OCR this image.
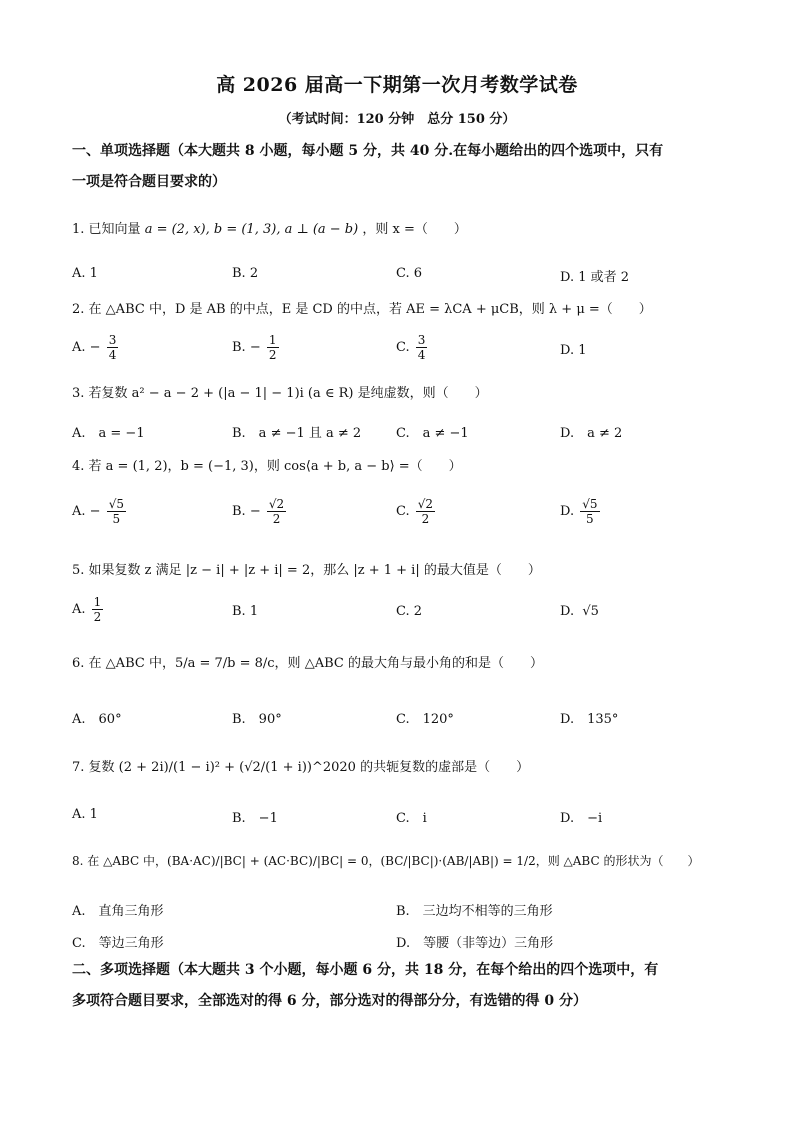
高 2026 届高一下期第一次月考数学试卷
（考试时间：120 分钟　总分 150 分）
一、单项选择题（本大题共 8 小题，每小题 5 分，共 40 分.在每小题给出的四个选项中，只有
一项是符合题目要求的）
1. 已知向量 a = (2, x), b = (1, 3), a ⊥ (a − b) ，则 x =（　　）
A. 1	B. 2	C. 6	D. 1 或者 2
2. 在 △ABC 中，D 是 AB 的中点，E 是 CD 的中点，若 AE = λCA + μCB，则 λ + μ =（　　）
A. − $\frac{3}{4}$	B. − $\frac{1}{2}$	C. $\frac{3}{4}$	D. 1
3. 若复数 a² − a − 2 + (|a − 1| − 1)i (a ∈ R) 是纯虚数，则（　　）
A.　a = −1	B.　a ≠ −1 且 a ≠ 2	C.　a ≠ −1	D.　a ≠ 2
4. 若 a = (1, 2)，b = (−1, 3)，则 cos⟨a + b, a − b⟩ =（　　）
A. − $\frac{√5}{5}$	B. − $\frac{√2}{2}$	C. $\frac{√2}{2}$	D. $\frac{√5}{5}$
5. 如果复数 z 满足 |z − i| + |z + i| = 2，那么 |z + 1 + i| 的最大值是（　　）
A. $\frac{1}{2}$	B. 1	C. 2	D. √5
6. 在 △ABC 中，5/a = 7/b = 8/c，则 △ABC 的最大角与最小角的和是（　　）
A.　60°	B.　90°	C.　120°	D.　135°
7. 复数 (2 + 2i)/(1 − i)² + (√2/(1 + i))^2020 的共轭复数的虚部是（　　）
A. 1	B.　−1	C.　i	D.　−i
8. 在 △ABC 中，(BA·AC)/|BC| + (AC·BC)/|BC| = 0，(BC/|BC|)·(AB/|AB|) = 1/2，则 △ABC 的形状为（　　）
A.　直角三角形	B.　三边均不相等的三角形
C.　等边三角形	D.　等腰（非等边）三角形
二、多项选择题（本大题共 3 个小题，每小题 6 分，共 18 分，在每个给出的四个选项中，有
多项符合题目要求，全部选对的得 6 分，部分选对的得部分分，有选错的得 0 分）
